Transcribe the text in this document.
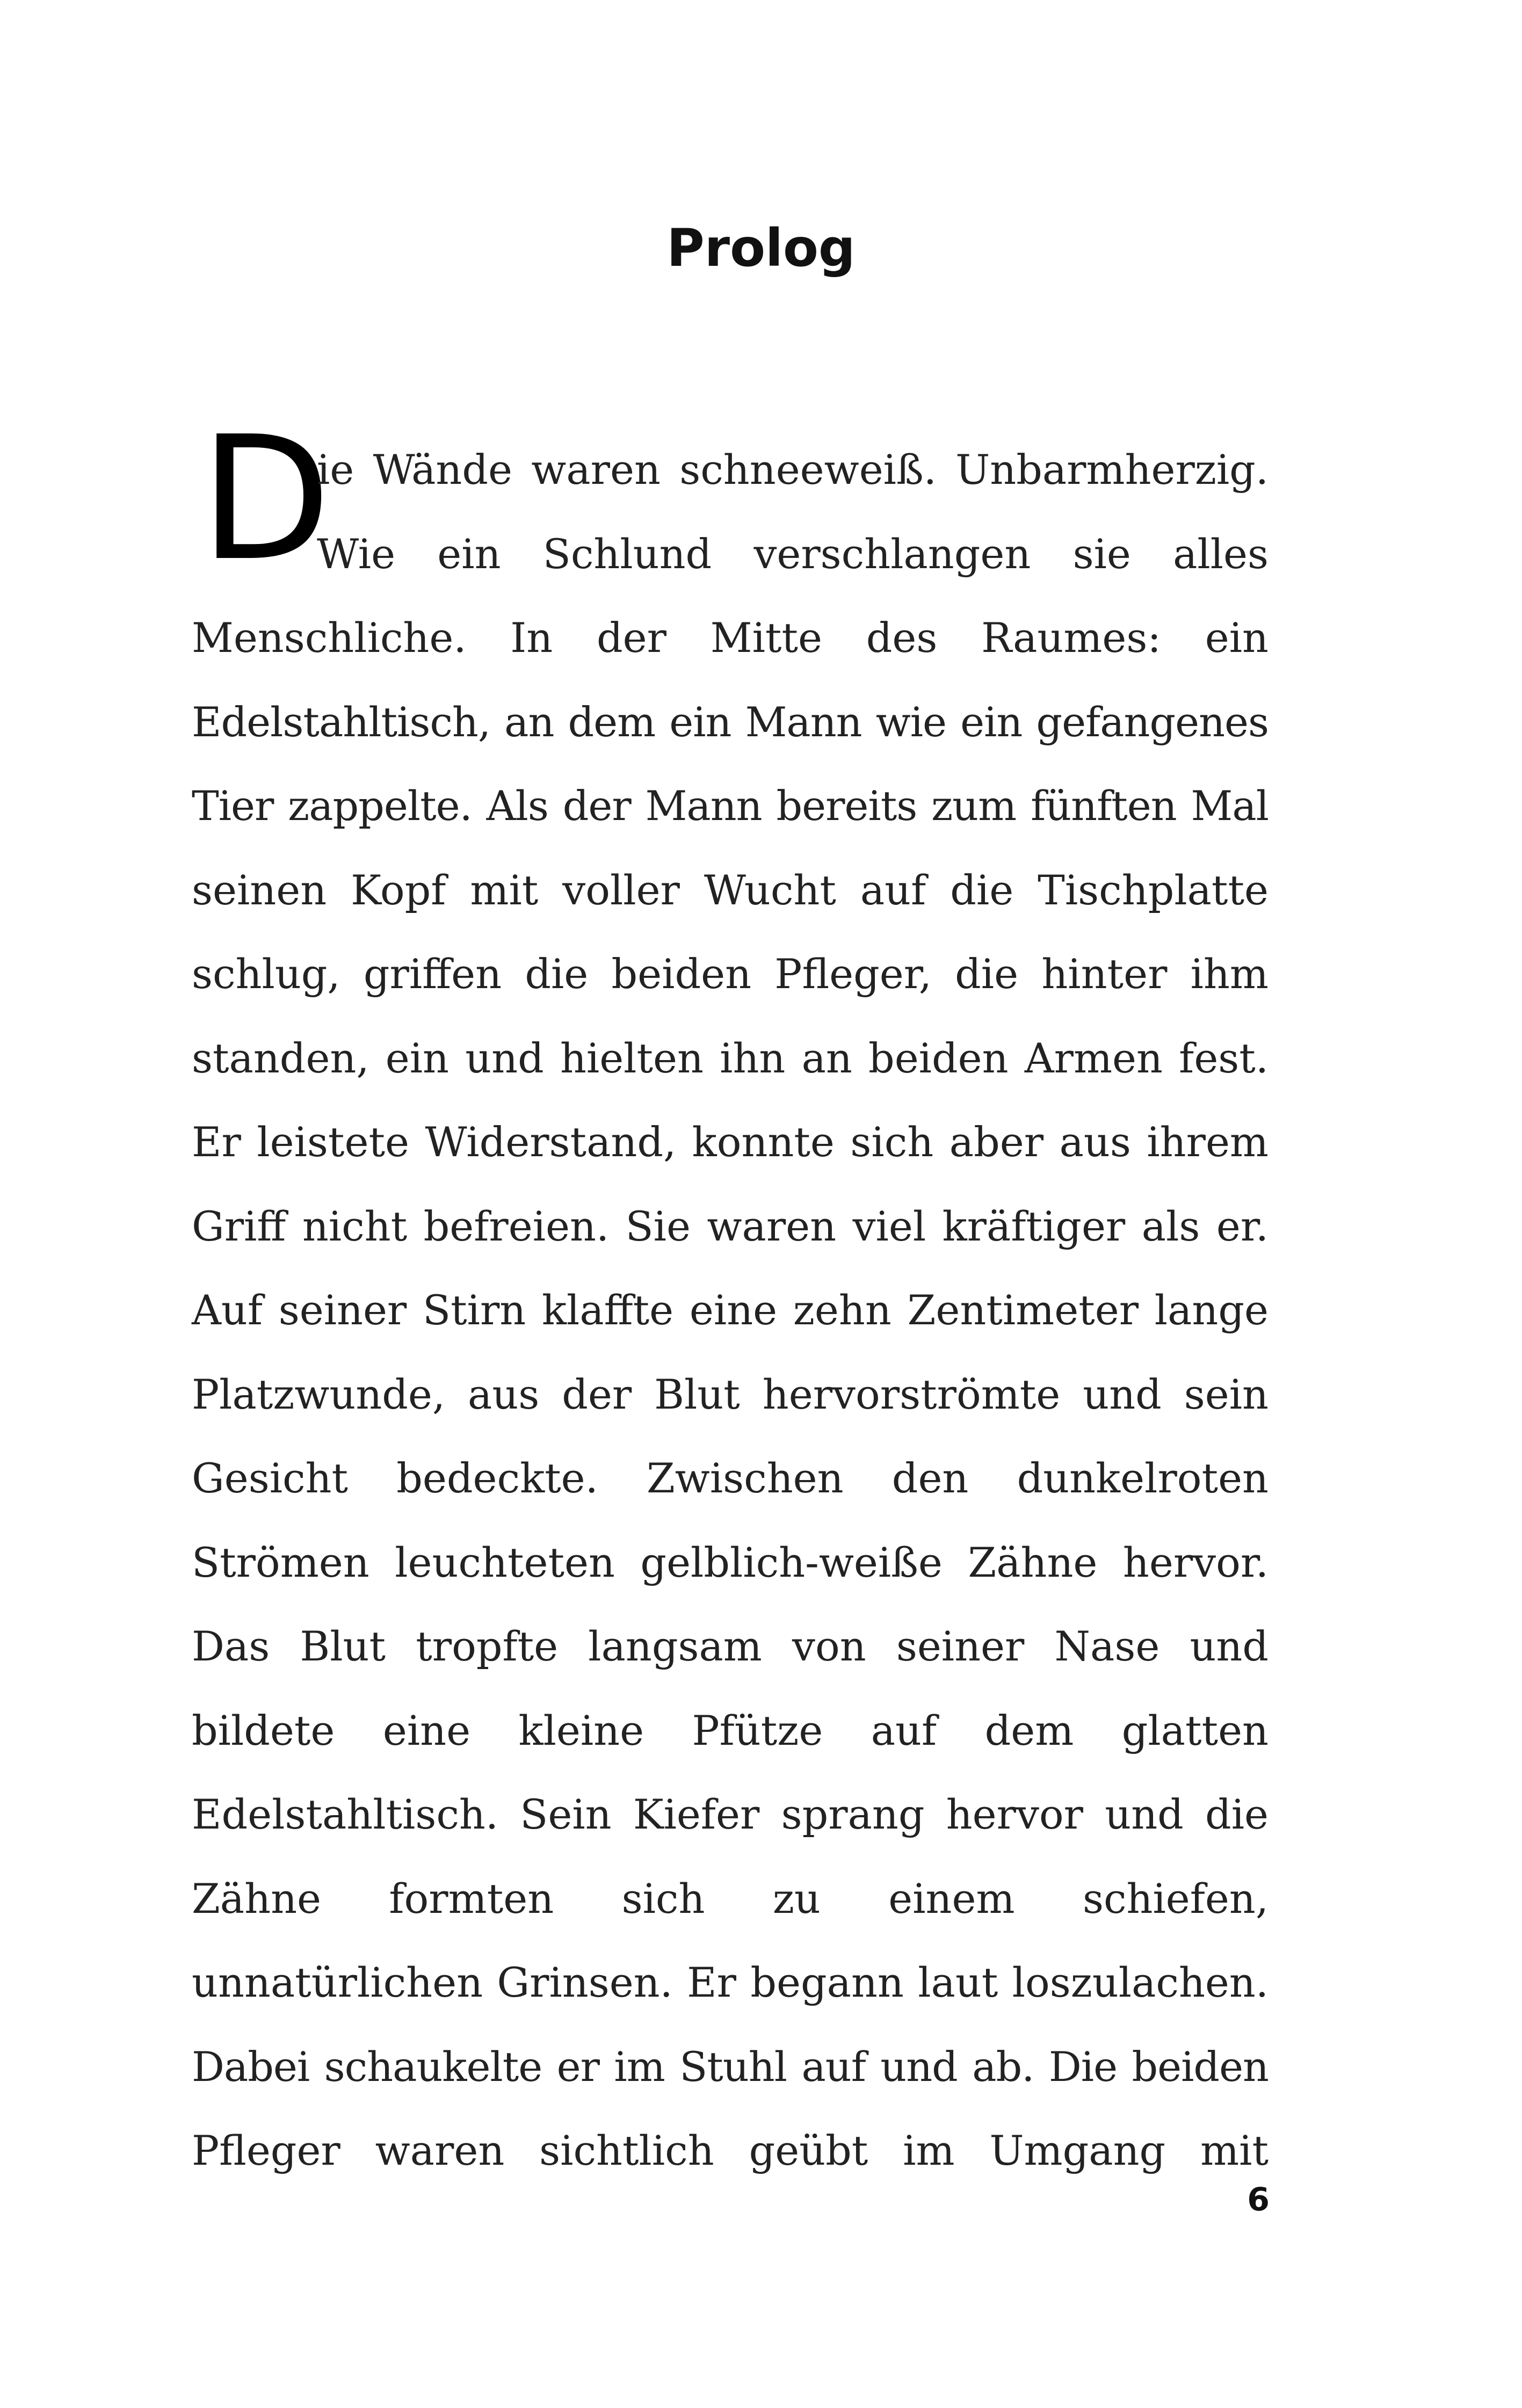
Prolog
D

ie Wände waren schneeweiß. Unbarmherzig.
Wie ein Schlund verschlangen sie alles
Menschliche. In der Mitte des Raumes: ein
Edelstahltisch, an dem ein Mann wie ein gefangenes
Tier zappelte. Als der Mann bereits zum fünften Mal
seinen Kopf mit voller Wucht auf die Tischplatte
schlug, griffen die beiden Pfleger, die hinter ihm
standen, ein und hielten ihn an beiden Armen fest.
Er leistete Widerstand, konnte sich aber aus ihrem
Griff nicht befreien. Sie waren viel kräftiger als er.
Auf seiner Stirn klaffte eine zehn Zentimeter lange
Platzwunde, aus der Blut hervorströmte und sein
Gesicht bedeckte. Zwischen den dunkelroten
Strömen leuchteten gelblich-weiße Zähne hervor.
Das Blut tropfte langsam von seiner Nase und
bildete eine kleine Pfütze auf dem glatten
Edelstahltisch. Sein Kiefer sprang hervor und die
Zähne formten sich zu einem schiefen,
unnatürlichen Grinsen. Er begann laut loszulachen.
Dabei schaukelte er im Stuhl auf und ab. Die beiden
Pfleger waren sichtlich geübt im Umgang mit

6
